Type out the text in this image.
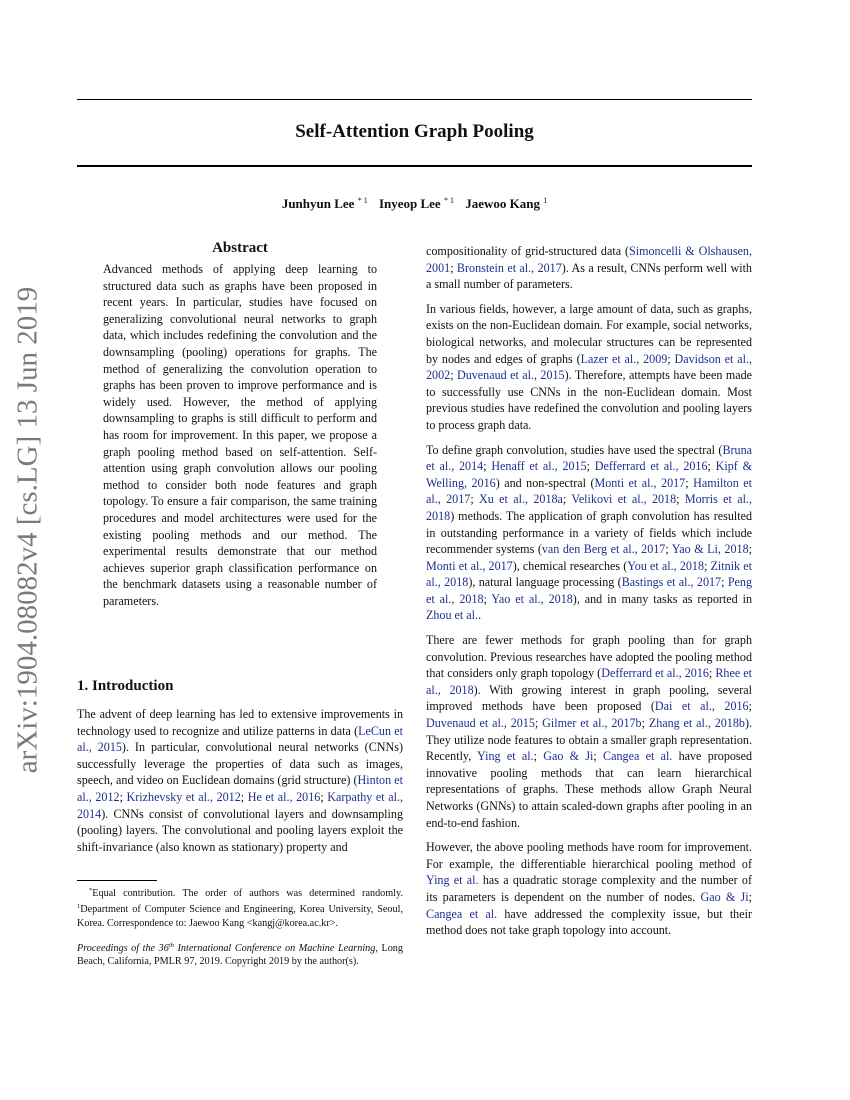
arXiv:1904.08082v4 [cs.LG] 13 Jun 2019
Self-Attention Graph Pooling
Junhyun Lee $^{* 1}$ Inyeop Lee $^{* 1}$ Jaewoo Kang $^1$
Abstract

Advanced methods of applying deep learning to structured data such as graphs have been proposed in recent years. In particular, studies have focused on generalizing convolutional neural networks to graph data, which includes redefining the convolution and the downsampling (pooling) operations for graphs. The method of generalizing the convolution operation to graphs has been proven to improve performance and is widely used. However, the method of applying downsampling to graphs is still difficult to perform and has room for improvement. In this paper, we propose a graph pooling method based on self-attention. Self-attention using graph convolution allows our pooling method to consider both node features and graph topology. To ensure a fair comparison, the same training procedures and model architectures were used for the existing pooling methods and our method. The experimental results demonstrate that our method achieves superior graph classification performance on the benchmark datasets using a reasonable number of parameters.

1. Introduction

The advent of deep learning has led to extensive improvements in technology used to recognize and utilize patterns in data (LeCun et al., 2015). In particular, convolutional neural networks (CNNs) successfully leverage the properties of data such as images, speech, and video on Euclidean domains (grid structure) (Hinton et al., 2012; Krizhevsky et al., 2012; He et al., 2016; Karpathy et al., 2014). CNNs consist of convolutional layers and downsampling (pooling) layers. The convolutional and pooling layers exploit the shift-invariance (also known as stationary) property and

*Equal contribution. The order of authors was determined randomly. $^1$Department of Computer Science and Engineering, Korea University, Seoul, Korea. Correspondence to: Jaewoo Kang <kangj@korea.ac.kr>.

Proceedings of the 36th International Conference on Machine Learning, Long Beach, California, PMLR 97, 2019. Copyright 2019 by the author(s).

compositionality of grid-structured data (Simoncelli & Olshausen, 2001; Bronstein et al., 2017). As a result, CNNs perform well with a small number of parameters.

In various fields, however, a large amount of data, such as graphs, exists on the non-Euclidean domain. For example, social networks, biological networks, and molecular structures can be represented by nodes and edges of graphs (Lazer et al., 2009; Davidson et al., 2002; Duvenaud et al., 2015). Therefore, attempts have been made to successfully use CNNs in the non-Euclidean domain. Most previous studies have redefined the convolution and pooling layers to process graph data.

To define graph convolution, studies have used the spectral (Bruna et al., 2014; Henaff et al., 2015; Defferrard et al., 2016; Kipf & Welling, 2016) and non-spectral (Monti et al., 2017; Hamilton et al., 2017; Xu et al., 2018a; Velikovi et al., 2018; Morris et al., 2018) methods. The application of graph convolution has resulted in outstanding performance in a variety of fields which include recommender systems (van den Berg et al., 2017; Yao & Li, 2018; Monti et al., 2017), chemical researches (You et al., 2018; Zitnik et al., 2018), natural language processing (Bastings et al., 2017; Peng et al., 2018; Yao et al., 2018), and in many tasks as reported in Zhou et al..

There are fewer methods for graph pooling than for graph convolution. Previous researches have adopted the pooling method that considers only graph topology (Defferrard et al., 2016; Rhee et al., 2018). With growing interest in graph pooling, several improved methods have been proposed (Dai et al., 2016; Duvenaud et al., 2015; Gilmer et al., 2017b; Zhang et al., 2018b). They utilize node features to obtain a smaller graph representation. Recently, Ying et al.; Gao & Ji; Cangea et al. have proposed innovative pooling methods that can learn hierarchical representations of graphs. These methods allow Graph Neural Networks (GNNs) to attain scaled-down graphs after pooling in an end-to-end fashion.

However, the above pooling methods have room for improvement. For example, the differentiable hierarchical pooling method of Ying et al. has a quadratic storage complexity and the number of its parameters is dependent on the number of nodes. Gao & Ji; Cangea et al. have addressed the complexity issue, but their method does not take graph topology into account.
